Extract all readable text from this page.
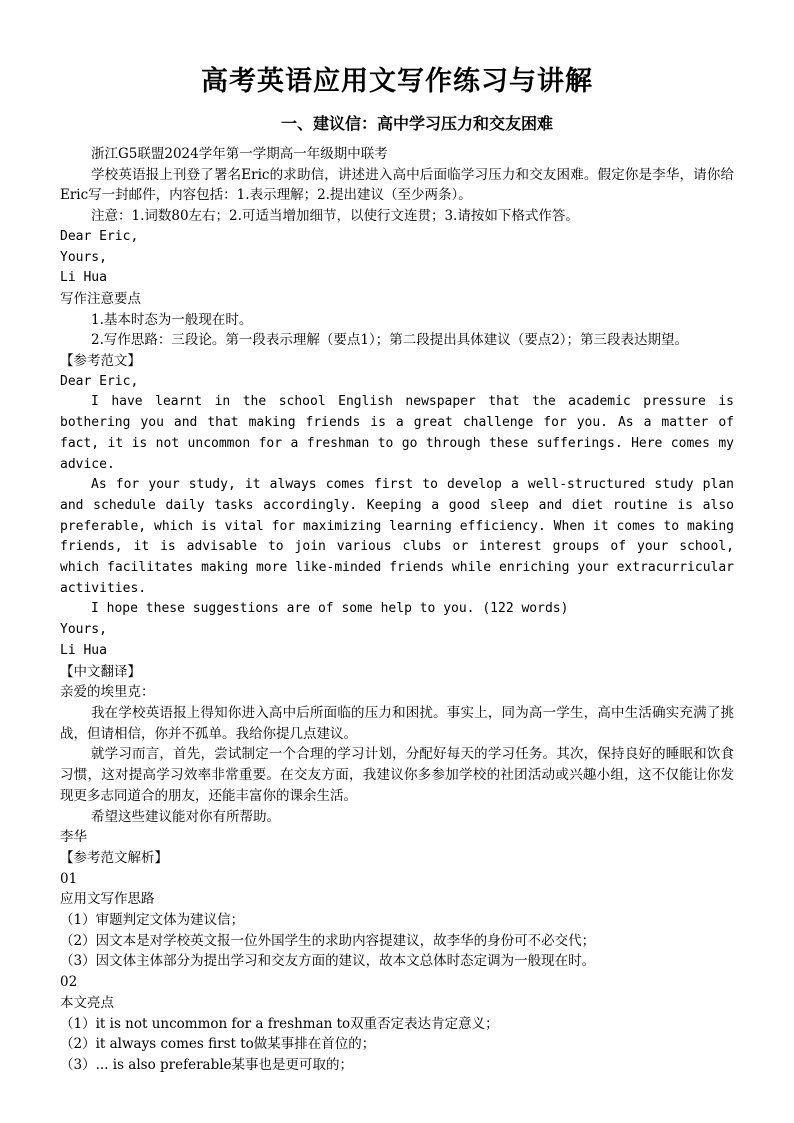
高考英语应用文写作练习与讲解
一、建议信：高中学习压力和交友困难

浙江G5联盟2024学年第一学期高一年级期中联考

学校英语报上刊登了署名Eric的求助信，讲述进入高中后面临学习压力和交友困难。假定你是李华，请你给Eric写一封邮件，内容包括：1.表示理解；2.提出建议（至少两条）。

注意：1.词数80左右；2.可适当增加细节，以使行文连贯；3.请按如下格式作答。

Dear Eric,

Yours,

Li Hua

写作注意要点

1.基本时态为一般现在时。

2.写作思路：三段论。第一段表示理解（要点1）；第二段提出具体建议（要点2）；第三段表达期望。

【参考范文】

Dear Eric,

I have learnt in the school English newspaper that the academic pressure is bothering you and that making friends is a great challenge for you. As a matter of fact, it is not uncommon for a freshman to go through these sufferings. Here comes my advice.

As for your study, it always comes first to develop a well-structured study plan and schedule daily tasks accordingly. Keeping a good sleep and diet routine is also preferable, which is vital for maximizing learning efficiency. When it comes to making friends, it is advisable to join various clubs or interest groups of your school, which facilitates making more like-minded friends while enriching your extracurricular activities.

I hope these suggestions are of some help to you. (122 words)

Yours,

Li Hua

【中文翻译】

亲爱的埃里克：

我在学校英语报上得知你进入高中后所面临的压力和困扰。事实上，同为高一学生，高中生活确实充满了挑战，但请相信，你并不孤单。我给你提几点建议。

就学习而言，首先，尝试制定一个合理的学习计划，分配好每天的学习任务。其次，保持良好的睡眠和饮食习惯，这对提高学习效率非常重要。在交友方面，我建议你多参加学校的社团活动或兴趣小组，这不仅能让你发现更多志同道合的朋友，还能丰富你的课余生活。

希望这些建议能对你有所帮助。

李华

【参考范文解析】

01

应用文写作思路

（1）审题判定文体为建议信；

（2）因文本是对学校英文报一位外国学生的求助内容提建议，故李华的身份可不必交代；

（3）因文体主体部分为提出学习和交友方面的建议，故本文总体时态定调为一般现在时。

02

本文亮点

（1）it is not uncommon for a freshman to双重否定表达肯定意义；

（2）it always comes first to做某事排在首位的；

（3）... is also preferable某事也是更可取的；
